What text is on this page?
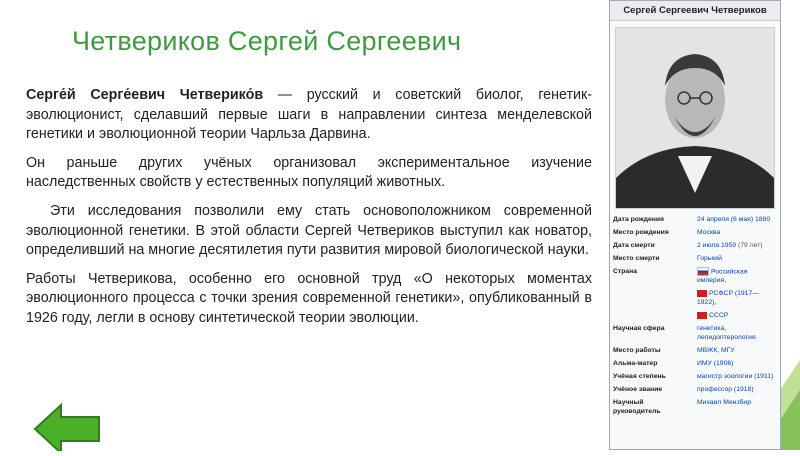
Четвериков Сергей Сергеевич

Серге́й Серге́евич Четверико́в — русский и советский биолог, генетик-эволюционист, сделавший первые шаги в направлении синтеза менделевской генетики и эволюционной теории Чарльза Дарвина.

Он раньше других учёных организовал экспериментальное изучение наследственных свойств у естественных популяций животных.

Эти исследования позволили ему стать основоположником современной эволюционной генетики. В этой области Сергей Четвериков выступил как новатор, определивший на многие десятилетия пути развития мировой биологической науки.

Работы Четверикова, особенно его основной труд «О некоторых моментах эволюционного процесса с точки зрения современной генетики», опубликованный в 1926 году, легли в основу синтетической теории эволюции.

Сергей Сергеевич Четвериков
Дата рождения	24 апреля (6 мая) 1880
Место рождения	Москва
Дата смерти	2 июля 1959 (79 лет)
Место смерти	Горький
Страна	Российская империя,
РСФСР (1917—1922),
СССР

Научная сфера	генетика, лепидоптерология
Место работы	МВЖК, МГУ
Альма-матер	ИМУ (1906)
Учёная степень	магистр зоологии (1911)
Учёное звание	профессор (1918)
Научный руководитель	Михаил Мензбир
